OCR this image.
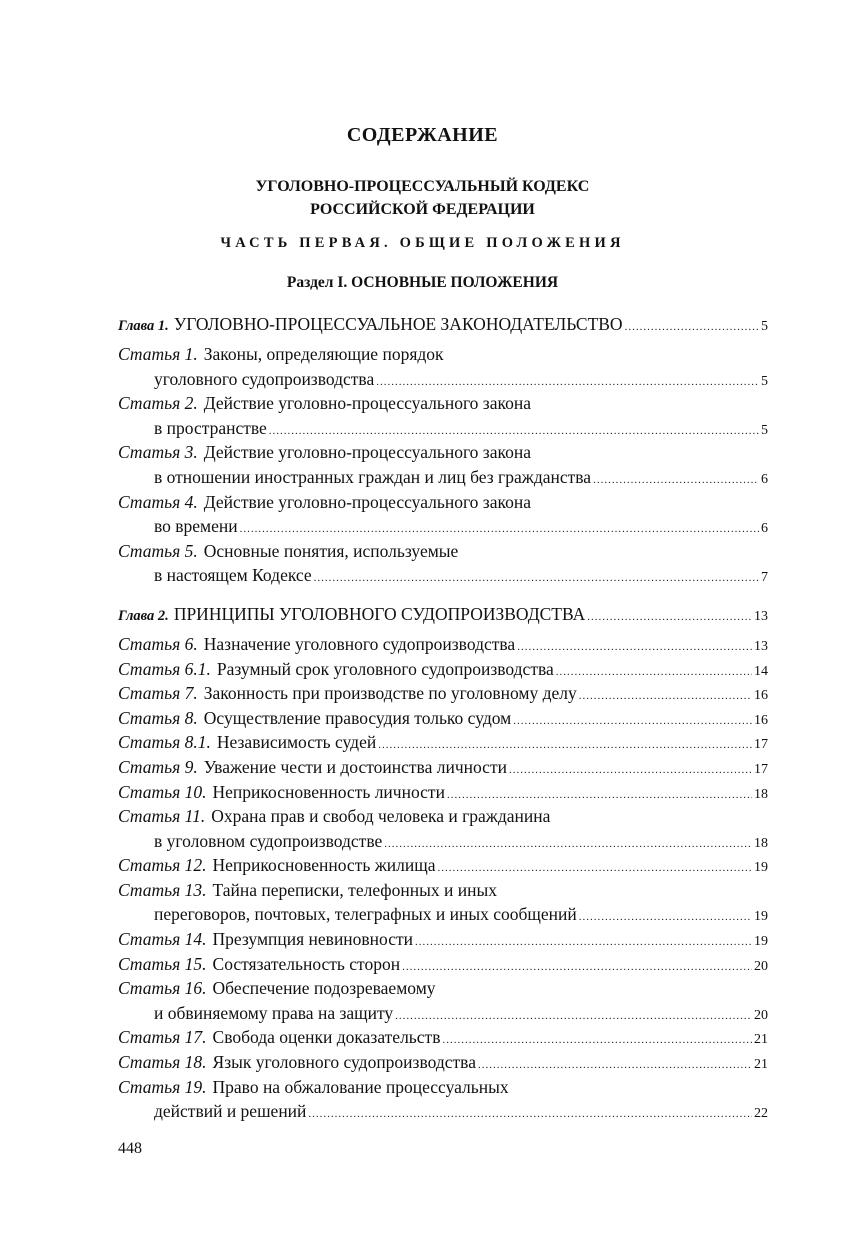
СОДЕРЖАНИЕ
УГОЛОВНО-ПРОЦЕССУАЛЬНЫЙ КОДЕКС
РОССИЙСКОЙ ФЕДЕРАЦИИ
ЧАСТЬ ПЕРВАЯ. ОБЩИЕ ПОЛОЖЕНИЯ
Раздел I. ОСНОВНЫЕ ПОЛОЖЕНИЯ
Глава 1. УГОЛОВНО-ПРОЦЕССУАЛЬНОЕ ЗАКОНОДАТЕЛЬСТВО .....	5
Статья 1. Законы, определяющие порядок
уголовного судопроизводства .....	5
Статья 2. Действие уголовно-процессуального закона
в пространстве .....	5
Статья 3. Действие уголовно-процессуального закона
в отношении иностранных граждан и лиц без гражданства .....	6
Статья 4. Действие уголовно-процессуального закона
во времени .....	6
Статья 5. Основные понятия, используемые
в настоящем Кодексе .....	7
Глава 2. ПРИНЦИПЫ УГОЛОВНОГО СУДОПРОИЗВОДСТВА .....	13
Статья 6. Назначение уголовного судопроизводства .....	13
Статья 6.1. Разумный срок уголовного судопроизводства .....	14
Статья 7. Законность при производстве по уголовному делу .....	16
Статья 8. Осуществление правосудия только судом .....	16
Статья 8.1. Независимость судей .....	17
Статья 9. Уважение чести и достоинства личности .....	17
Статья 10. Неприкосновенность личности .....	18
Статья 11. Охрана прав и свобод человека и гражданина
в уголовном судопроизводстве .....	18
Статья 12. Неприкосновенность жилища .....	19
Статья 13. Тайна переписки, телефонных и иных
переговоров, почтовых, телеграфных и иных сообщений .....	19
Статья 14. Презумпция невиновности .....	19
Статья 15. Состязательность сторон .....	20
Статья 16. Обеспечение подозреваемому
и обвиняемому права на защиту .....	20
Статья 17. Свобода оценки доказательств .....	21
Статья 18. Язык уголовного судопроизводства .....	21
Статья 19. Право на обжалование процессуальных
действий и решений .....	22
448
